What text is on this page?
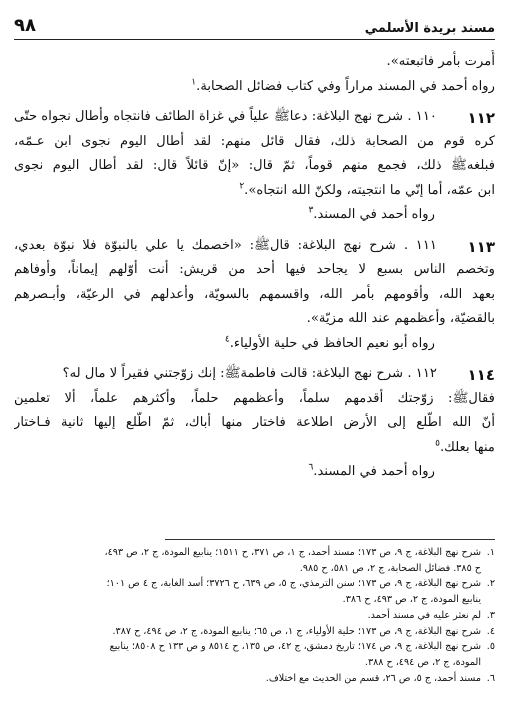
مسند بريدة الأسلمي
٩٨
أُمرت بأمر فاتبعته».
رواه أحمد في المسند مراراً وفي كتاب فضائل الصحابة.$^١$
١١٢
١١٠ . شرح نهج البلاغة: دعاﷺ علياً في غزاة الطائف فانتجاه وأطال نجواه حتّى
كره قوم من الصحابة ذلك، فقال قائل منهم: لقد أطال اليوم نجوى ابن عـمّه،
فبلغهﷺ ذلك، فجمع منهم قوماً، ثمّ قال: «إنّ قائلاً قال: لقد أطال اليوم نجوى
ابن عمّه، أما إنّي ما انتجيته، ولكنّ الله انتجاه».$^٢$
رواه أحمد في المسند.$^٣$
١١٣
١١١ . شرح نهج البلاغة: قالﷺ: «اخصمك يا علي بالنبوّة فلا نبوّة بعدي،
وتخصم الناس بسبع لا يجاحد فيها أحد من قريش: أنت أوّلهم إيماناً، وأوفاهم
بعهد الله، وأقومهم بأمر الله، واقسمهم بالسويّة، وأعدلهم في الرعيّة، وأبـصرهم
بالقضيّة، وأعظمهم عند الله مزيّة».
رواه أبو نعيم الحافظ في حلية الأولياء.$^٤$
١١٤
١١٢ . شرح نهج البلاغة: قالت فاطمةﷺ: إنك زوّجتني فقيراً لا مال له؟
فقالﷺ: زوّجتك أقدمهم سلماً، وأعظمهم حلماً، وأكثرهم علماً، ألا تعلمين
أنّ الله اطّلع إلى الأرض اطلاعة فاختار منها أباك، ثمّ اطّلع إليها ثانية فـاختار
منها بعلك.$^٥$
رواه أحمد في المسند.$^٦$
١.شرح نهج البلاغة، ج ٩، ص ١٧٣؛ مسند أحمد، ج ١، ص ٣٧١، ح ١٥١١؛ ينابيع المودة، ج ٢، ص ٤٩٣،
ح ٣٨٥. فضائل الصحابة، ج ٢، ص ٥٨١، ح ٩٨٥.
٢.شرح نهج البلاغة، ج ٩، ص ١٧٣؛ سنن الترمذي، ج ٥، ص ٦٣٩، ح ٣٧٢٦؛ أسد الغابة، ج ٤ ص ١٠١؛
ينابيع المودة، ج ٢، ص ٤٩٣، ح ٣٨٦.
٣.لم نعثر عليه في مسند أحمد.
٤.شرح نهج البلاغة، ج ٩، ص ١٧٣؛ حلية الأولياء، ج ١، ص ٦٥؛ ينابيع المودة، ج ٢، ص ٤٩٤، ح ٣٨٧.
٥.شرح نهج البلاغة، ج ٩، ص ١٧٤؛ تاريخ دمشق، ج ٤٢، ص ١٣٥، ح ٨٥١٤ و ص ١٣٣ ح ٨٥٠٨؛ ينابيع
المودة، ج ٢، ص ٤٩٤، ح ٣٨٨.
٦.مسند أحمد، ج ٥، ص ٢٦، قسم من الحديث مع اختلاف.
